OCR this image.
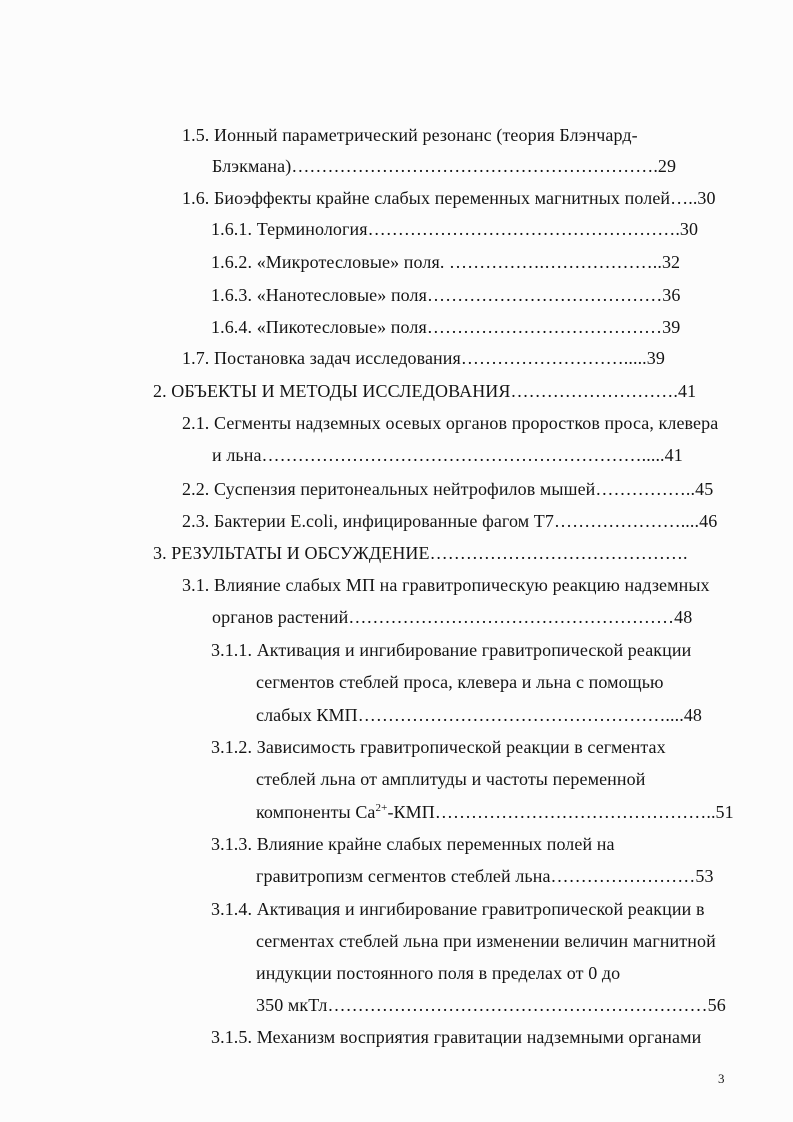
1.5. Ионный параметрический резонанс (теория Блэнчард-
Блэкмана)…………………………………………………….29
1.6. Биоэффекты крайне слабых переменных магнитных полей…..30
1.6.1. Терминология…………………………………………….30
1.6.2. «Микротесловые» поля. …………….………………..32
1.6.3. «Нанотесловые» поля…………………………………36
1.6.4. «Пикотесловые» поля…………………………………39
1.7. Постановка задач исследования……………………….....39
2. ОБЪЕКТЫ И МЕТОДЫ ИССЛЕДОВАНИЯ……………………….41
2.1. Сегменты надземных осевых органов проростков проса, клевера
и льна……………………………………………………….....41
2.2. Суспензия перитонеальных нейтрофилов мышей……………..45
2.3. Бактерии E.coli, инфицированные фагом Т7…………………....46
3. РЕЗУЛЬТАТЫ И ОБСУЖДЕНИЕ…………………………………….
3.1. Влияние слабых МП на гравитропическую реакцию надземных
органов растений………………………………………………48
3.1.1. Активация и ингибирование гравитропической реакции
сегментов стеблей проса, клевера и льна с помощью
слабых КМП……………………………………………....48
3.1.2. Зависимость гравитропической реакции в сегментах
стеблей льна от амплитуды и частоты переменной
компоненты $Ca^{2+}-КМП\dots\dots\dots\dots\dots\dots\dots\dots\dots\dots\dots\dots\dots\dots\dots..51$
3.1.3. Влияние крайне слабых переменных полей на
гравитропизм сегментов стеблей льна……………………53
3.1.4. Активация и ингибирование гравитропической реакции в
сегментах стеблей льна при изменении величин магнитной
индукции постоянного поля в пределах от 0 до
350 мкТл………………………………………………………56
3.1.5. Механизм восприятия гравитации надземными органами
3
